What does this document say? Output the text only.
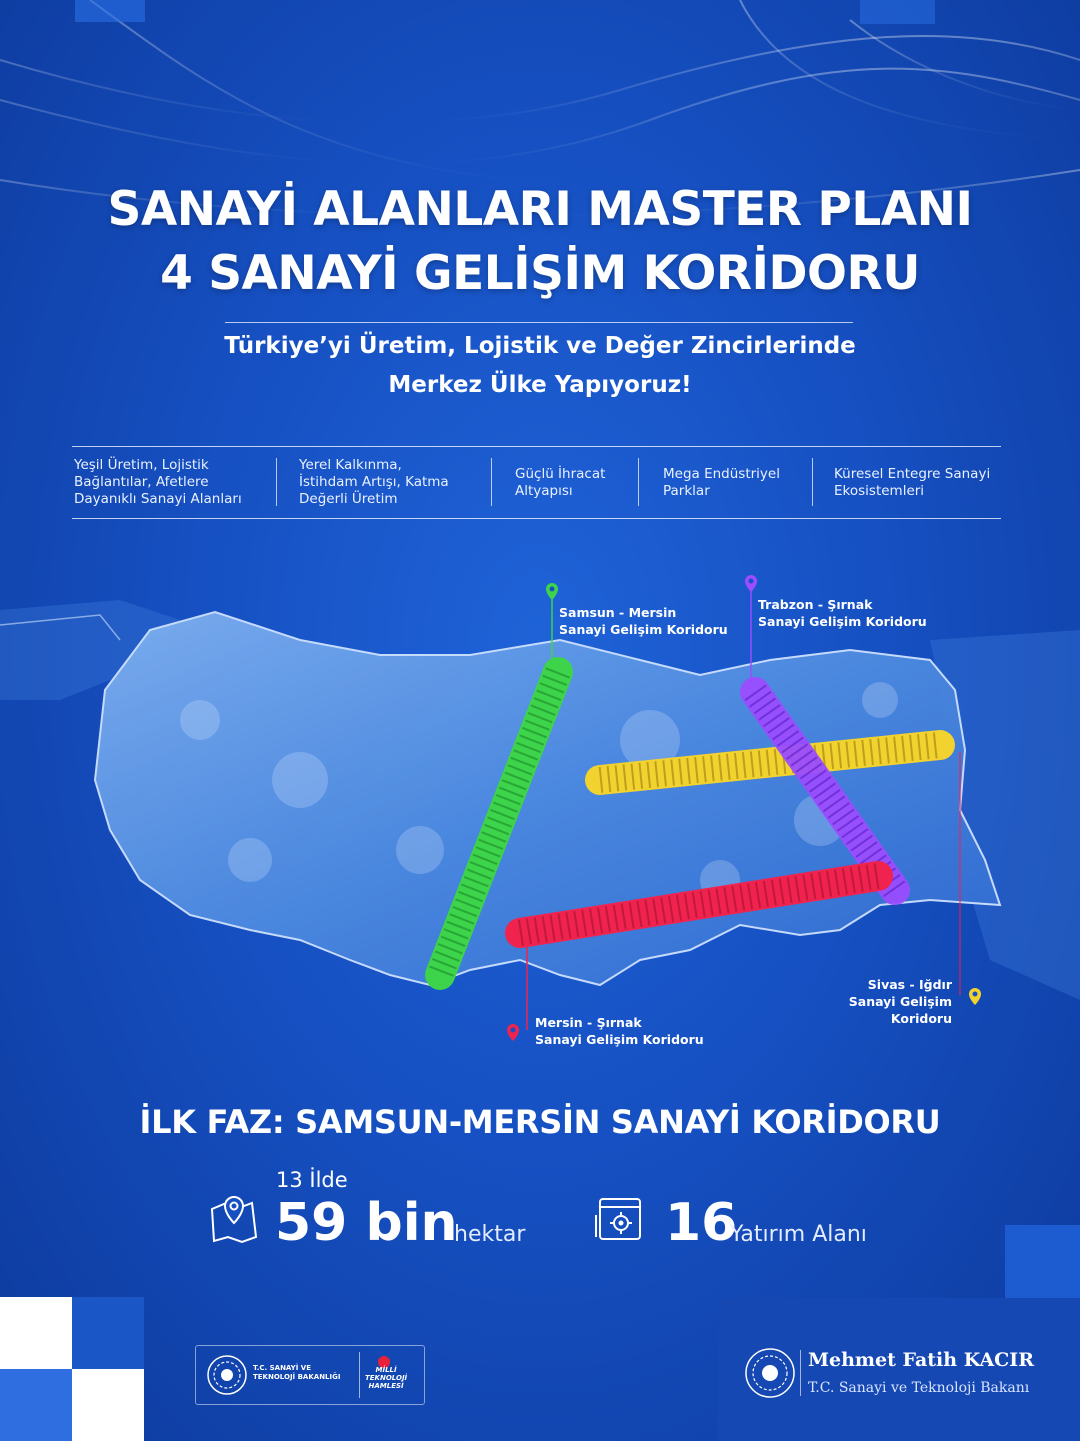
SANAYİ ALANLARI MASTER PLANI
4 SANAYİ GELİŞİM KORİDORU
Türkiye’yi Üretim, Lojistik ve Değer Zincirlerinde
Merkez Ülke Yapıyoruz!
Yeşil Üretim, Lojistik
Bağlantılar, Afetlere
Dayanıklı Sanayi Alanları
Yerel Kalkınma,
İstihdam Artışı, Katma
Değerli Üretim
Güçlü İhracat
Altyapısı
Mega Endüstriyel
Parklar
Küresel Entegre Sanayi
Ekosistemleri
Samsun - Mersin
Sanayi Gelişim Koridoru
Trabzon - Şırnak
Sanayi Gelişim Koridoru
Sivas - Iğdır
Sanayi Gelişim Koridoru
Mersin - Şırnak
Sanayi Gelişim Koridoru
İLK FAZ: SAMSUN-MERSİN SANAYİ KORİDORU
13 İlde
59 bin
hektar	16
Yatırım Alanı
T.C. SANAYİ VE
TEKNOLOJİ BAKANLIĞI
MİLLİ
TEKNOLOJİ
HAMLESİ
Mehmet Fatih KACIR
T.C. Sanayi ve Teknoloji Bakanı
